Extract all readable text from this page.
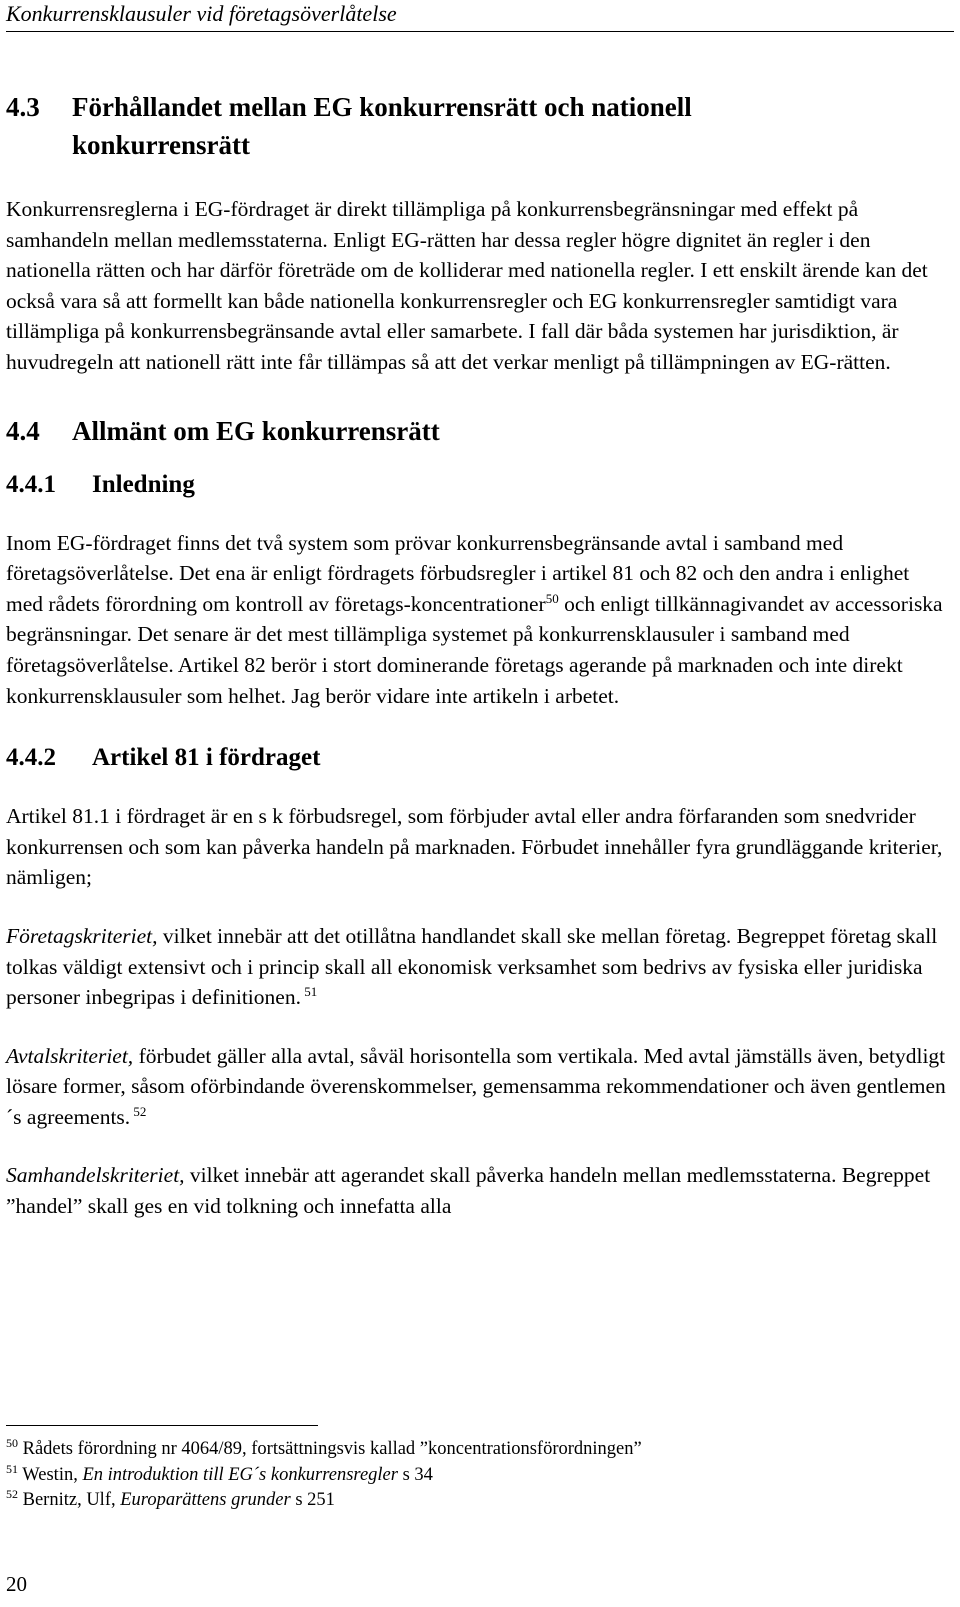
Konkurrensklausuler vid företagsöverlåtelse
4.3	Förhållandet mellan EG konkurrensrätt och nationell konkurrensrätt

Konkurrensreglerna i EG-fördraget är direkt tillämpliga på konkurrensbegränsningar med effekt på samhandeln mellan medlemsstaterna. Enligt EG-rätten har dessa regler högre dignitet än regler i den nationella rätten och har därför företräde om de kolliderar med nationella regler. I ett enskilt ärende kan det också vara så att formellt kan både nationella konkurrensregler och EG konkurrensregler samtidigt vara tillämpliga på konkurrensbegränsande avtal eller samarbete. I fall där båda systemen har jurisdiktion, är huvudregeln att nationell rätt inte får tillämpas så att det verkar menligt på tillämpningen av EG-rätten.

4.4 Allmänt om EG konkurrensrätt
4.4.1 Inledning

Inom EG-fördraget finns det två system som prövar konkurrensbegränsande avtal i samband med företagsöverlåtelse. Det ena är enligt fördragets förbudsregler i artikel 81 och 82 och den andra i enlighet med rådets förordning om kontroll av företags-koncentrationer$^{50}$ och enligt tillkännagivandet av accessoriska begränsningar. Det senare är det mest tillämpliga systemet på konkurrensklausuler i samband med företagsöverlåtelse. Artikel 82 berör i stort dominerande företags agerande på marknaden och inte direkt konkurrensklausuler som helhet. Jag berör vidare inte artikeln i arbetet.

4.4.2 Artikel 81 i fördraget

Artikel 81.1 i fördraget är en s k förbudsregel, som förbjuder avtal eller andra förfaranden som snedvrider konkurrensen och som kan påverka handeln på marknaden. Förbudet innehåller fyra grundläggande kriterier, nämligen;

Företagskriteriet, vilket innebär att det otillåtna handlandet skall ske mellan företag. Begreppet företag skall tolkas väldigt extensivt och i princip skall all ekonomisk verksamhet som bedrivs av fysiska eller juridiska personer inbegripas i definitionen. $^{51}$

Avtalskriteriet, förbudet gäller alla avtal, såväl horisontella som vertikala. Med avtal jämställs även, betydligt lösare former, såsom oförbindande överenskommelser, gemensamma rekommendationer och även gentlemen´s agreements. $^{52}$

Samhandelskriteriet, vilket innebär att agerandet skall påverka handeln mellan medlemsstaterna. Begreppet ”handel” skall ges en vid tolkning och innefatta alla

$^{50}$ Rådets förordning nr 4064/89, fortsättningsvis kallad ”koncentrationsförordningen”
$^{51}$ Westin, En introduktion till EG´s konkurrensregler s 34
$^{52}$ Bernitz, Ulf, Europarättens grunder s 251
20
